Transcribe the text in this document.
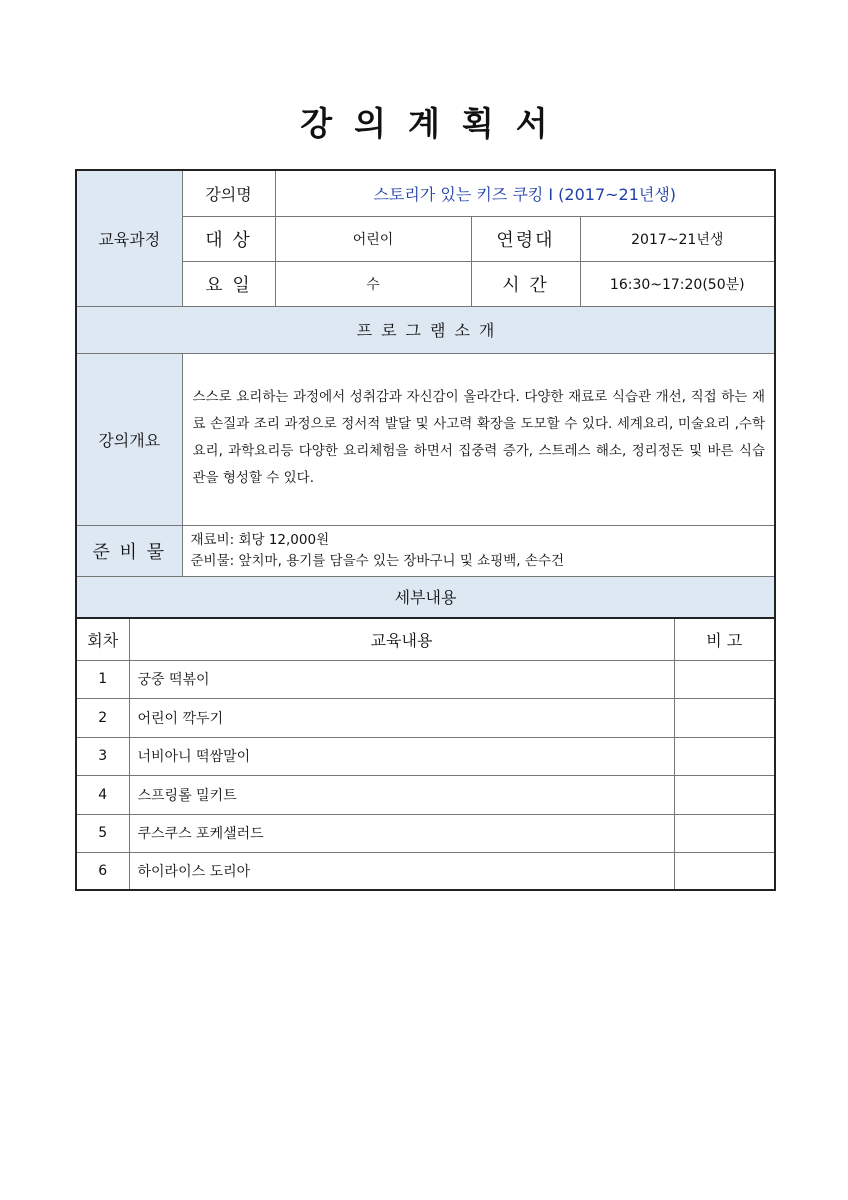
강의계획서
교육과정	강의명	스토리가 있는 키즈 쿠킹 I (2017~21년생)		
	대 상	어린이	연령대	2017~21년생
	요 일	수	시 간	16:30~17:20(50분)
프로그램소개				
강의개요	스스로 요리하는 과정에서 성취감과 자신감이 올라간다. 다양한 재료로 식습관 개선, 직접 하는 재료 손질과 조리 과정으로 정서적 발달 및 사고력 확장을 도모할 수 있다. 세계요리, 미술요리 ,수학요리, 과학요리등 다양한 요리체험을 하면서 집중력 증가, 스트레스 해소, 정리정돈 및 바른 식습관을 형성할 수 있다.			
준 비 물	재료비: 회당 12,000원
준비물: 앞치마, 용기를 담을수 있는 장바구니 및 쇼핑백, 손수건			

세부내용				
회차	교육내용	비 고
1	궁중 떡볶이	
2	어린이 깍두기	
3	너비아니 떡쌈말이	
4	스프링롤 밀키트	
5	쿠스쿠스 포케샐러드	
6	하이라이스 도리아	
